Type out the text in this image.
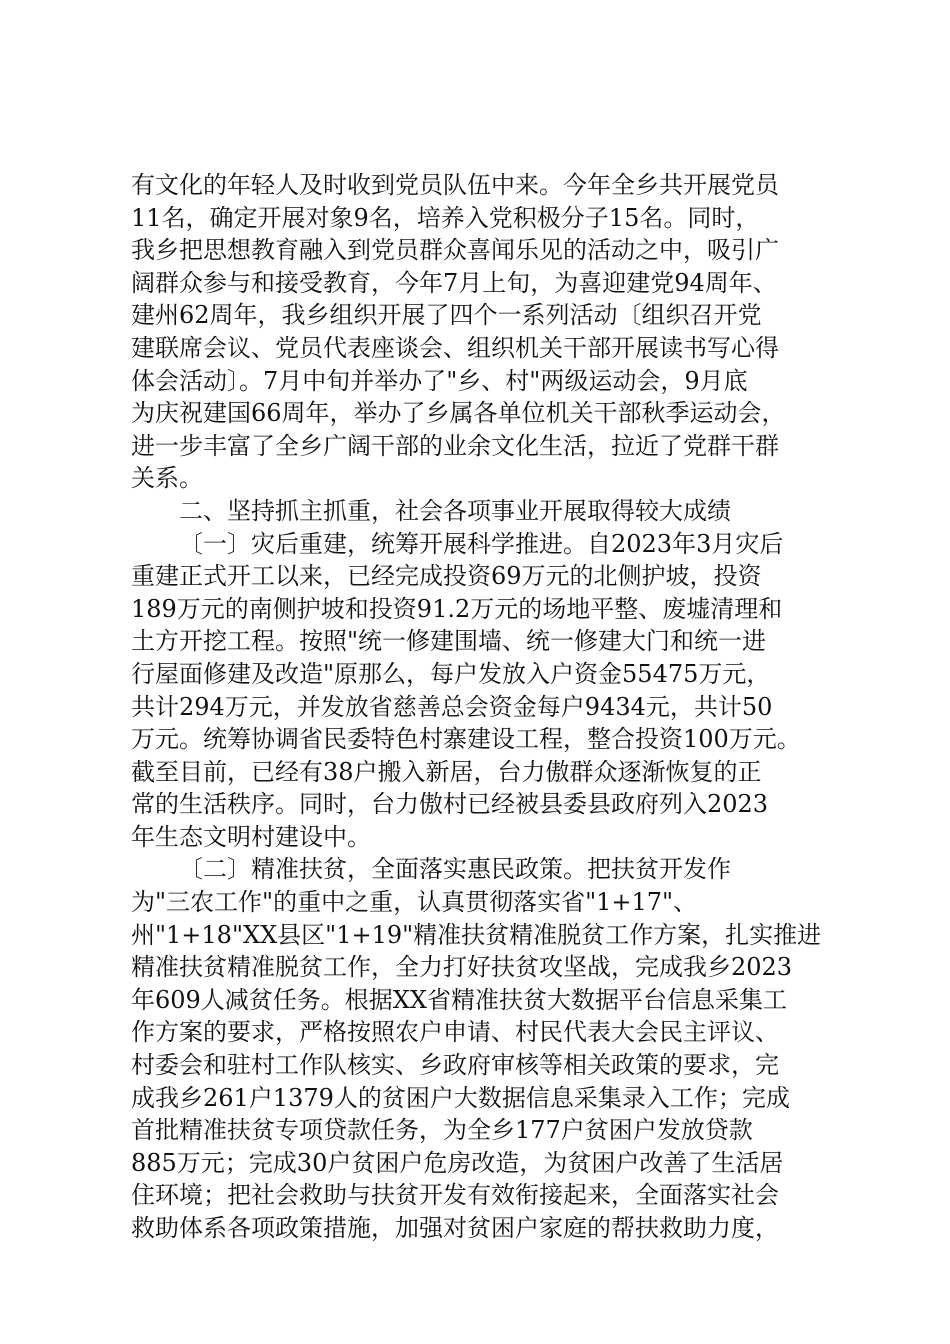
有文化的年轻人及时收到党员队伍中来。今年全乡共开展党员
11名，确定开展对象9名，培养入党积极分子15名。同时，
我乡把思想教育融入到党员群众喜闻乐见的活动之中，吸引广
阔群众参与和接受教育，今年7月上旬，为喜迎建党94周年、
建州62周年，我乡组织开展了四个一系列活动〔组织召开党
建联席会议、党员代表座谈会、组织机关干部开展读书写心得
体会活动〕。7月中旬并举办了"乡、村"两级运动会，9月底
为庆祝建国66周年，举办了乡属各单位机关干部秋季运动会，
进一步丰富了全乡广阔干部的业余文化生活，拉近了党群干群
关系。
二、坚持抓主抓重，社会各项事业开展取得较大成绩
〔一〕灾后重建，统筹开展科学推进。自2023年3月灾后
重建正式开工以来，已经完成投资69万元的北侧护坡，投资
189万元的南侧护坡和投资91.2万元的场地平整、废墟清理和
土方开挖工程。按照"统一修建围墙、统一修建大门和统一进
行屋面修建及改造"原那么，每户发放入户资金55475万元，
共计294万元，并发放省慈善总会资金每户9434元，共计50
万元。统筹协调省民委特色村寨建设工程，整合投资100万元。
截至目前，已经有38户搬入新居，台力傲群众逐渐恢复的正
常的生活秩序。同时，台力傲村已经被县委县政府列入2023
年生态文明村建设中。
〔二〕精准扶贫，全面落实惠民政策。把扶贫开发作
为"三农工作"的重中之重，认真贯彻落实省"1+17"、
州"1+18"XX县区"1+19"精准扶贫精准脱贫工作方案，扎实推进
精准扶贫精准脱贫工作，全力打好扶贫攻坚战，完成我乡2023
年609人减贫任务。根据XX省精准扶贫大数据平台信息采集工
作方案的要求，严格按照农户申请、村民代表大会民主评议、
村委会和驻村工作队核实、乡政府审核等相关政策的要求，完
成我乡261户1379人的贫困户大数据信息采集录入工作；完成
首批精准扶贫专项贷款任务，为全乡177户贫困户发放贷款
885万元；完成30户贫困户危房改造，为贫困户改善了生活居
住环境；把社会救助与扶贫开发有效衔接起来，全面落实社会
救助体系各项政策措施，加强对贫困户家庭的帮扶救助力度，
